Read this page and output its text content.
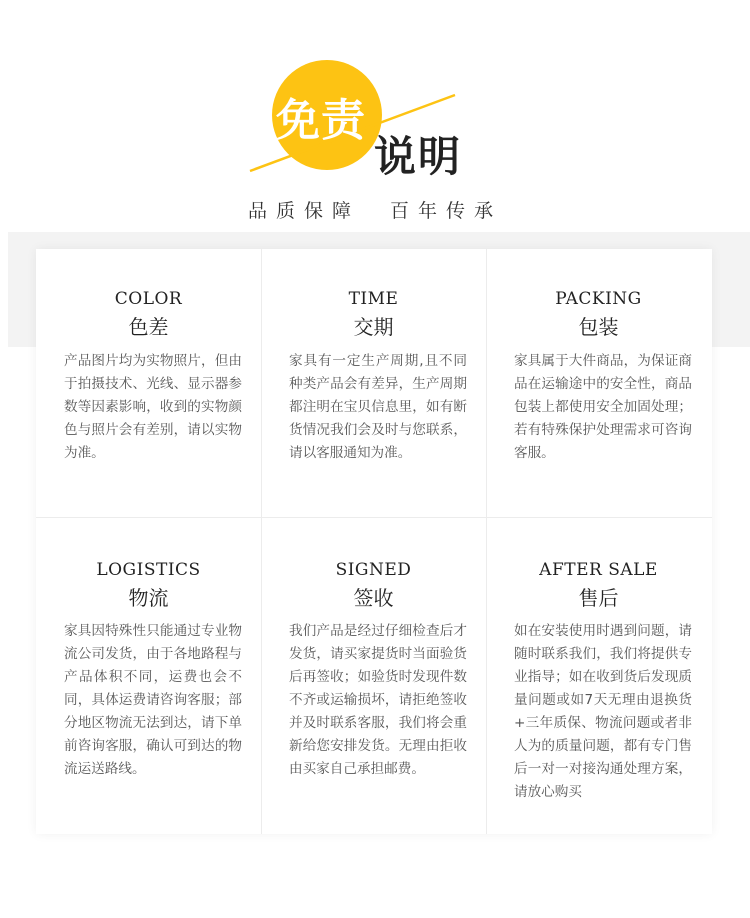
免责
说明
品质保障  百年传承
COLOR
色差
产品图片均为实物照片，但由于拍摄技术、光线、显示器参数等因素影响，收到的实物颜色与照片会有差别，请以实物为准。
TIME
交期
家具有一定生产周期,且不同种类产品会有差异，生产周期都注明在宝贝信息里，如有断货情况我们会及时与您联系，请以客服通知为准。
PACKING
包装
家具属于大件商品，为保证商品在运输途中的安全性，商品包装上都使用安全加固处理；若有特殊保护处理需求可咨询客服。
LOGISTICS
物流
家具因特殊性只能通过专业物流公司发货，由于各地路程与产品体积不同，运费也会不同，具体运费请咨询客服；部分地区物流无法到达，请下单前咨询客服，确认可到达的物流运送路线。
SIGNED
签收
我们产品是经过仔细检查后才发货，请买家提货时当面验货后再签收；如验货时发现件数不齐或运输损坏，请拒绝签收并及时联系客服，我们将会重新给您安排发货。无理由拒收由买家自己承担邮费。
AFTER SALE
售后
如在安装使用时遇到问题，请随时联系我们，我们将提供专业指导；如在收到货后发现质量问题或如7天无理由退换货+三年质保、物流问题或者非人为的质量问题，都有专门售后一对一对接沟通处理方案，请放心购买
